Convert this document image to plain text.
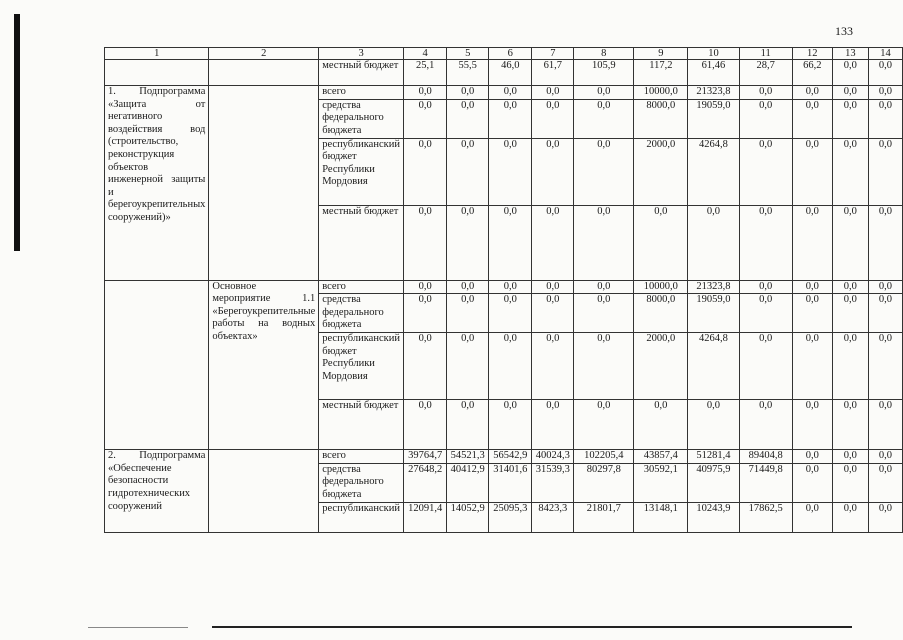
133
1	2	3	4	5	6	7	8	9	10	11	12	13	14
		местный бюджет	25,1	55,5	46,0	61,7	105,9	117,2	61,46	28,7	66,2	0,0	0,0
1. Подпрограмма «Защита от негативного воздействия вод (строительство, реконструкция объектов инженерной защиты и берегоукрепительных сооружений)»		всего	0,0	0,0	0,0	0,0	0,0	10000,0	21323,8	0,0	0,0	0,0	0,0
		средства федерального бюджета	0,0	0,0	0,0	0,0	0,0	8000,0	19059,0	0,0	0,0	0,0	0,0
		республиканский бюджет Республики Мордовия	0,0	0,0	0,0	0,0	0,0	2000,0	4264,8	0,0	0,0	0,0	0,0
		местный бюджет	0,0	0,0	0,0	0,0	0,0	0,0	0,0	0,0	0,0	0,0	0,0
	Основное мероприятие 1.1 «Берегоукрепительные работы на водных объектах»	всего	0,0	0,0	0,0	0,0	0,0	10000,0	21323,8	0,0	0,0	0,0	0,0
		средства федерального бюджета	0,0	0,0	0,0	0,0	0,0	8000,0	19059,0	0,0	0,0	0,0	0,0
		республиканский бюджет Республики Мордовия	0,0	0,0	0,0	0,0	0,0	2000,0	4264,8	0,0	0,0	0,0	0,0
		местный бюджет	0,0	0,0	0,0	0,0	0,0	0,0	0,0	0,0	0,0	0,0	0,0
2. Подпрограмма «Обеспечение безопасности гидротехнических сооружений		всего	39764,7	54521,3	56542,9	40024,3	102205,4	43857,4	51281,4	89404,8	0,0	0,0	0,0
		средства федерального бюджета	27648,2	40412,9	31401,6	31539,3	80297,8	30592,1	40975,9	71449,8	0,0	0,0	0,0
		республиканский	12091,4	14052,9	25095,3	8423,3	21801,7	13148,1	10243,9	17862,5	0,0	0,0	0,0
